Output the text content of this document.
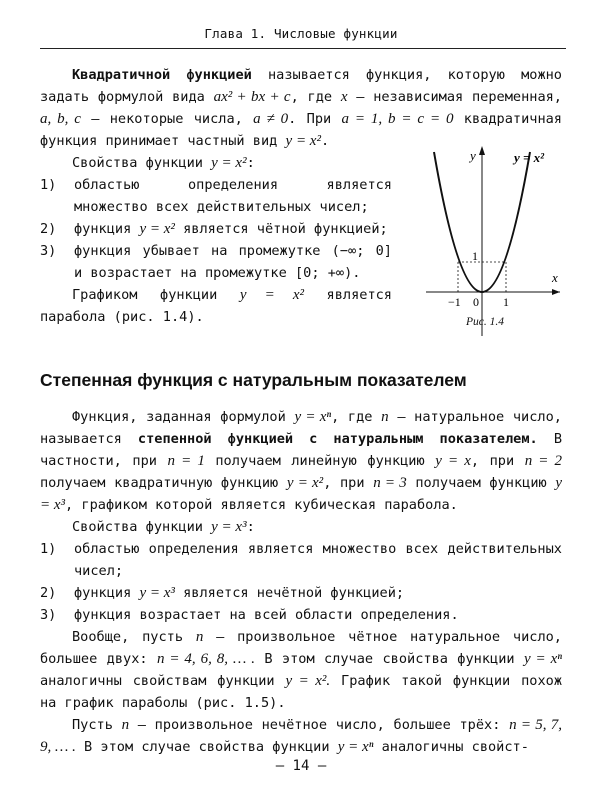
Глава 1. Числовые функции

Квадратичной функцией называется функция, которую можно задать формулой вида ax² + bx + c, где x — независимая переменная, a, b, c — некоторые числа, a ≠ 0. При a = 1, b = c = 0 квадратичная функция принимает частный вид y = x².

Свойства функции y = x²:

1)	областью определения является множество всех действительных чисел;
2)	функция y = x² является чётной функцией;
3)	функция убывает на промежутке (−∞; 0] и возрастает на промежутке [0; +∞).

Графиком функции y = x² является парабола (рис. 1.4).

y
x
y = x²
1
−1 0 1
Рис. 1.4
Степенная функция с натуральным показателем

Функция, заданная формулой y = xⁿ, где n — натуральное число, называется степенной функцией с натуральным показателем. В частности, при n = 1 получаем линейную функцию y = x, при n = 2 получаем квадратичную функцию y = x², при n = 3 получаем функцию y = x³, графиком которой является кубическая парабола.

Свойства функции y = x³:

1)	областью определения является множество всех действительных чисел;
2)	функция y = x³ является нечётной функцией;
3)	функция возрастает на всей области определения.

Вообще, пусть n — произвольное чётное натуральное число, большее двух: n = 4, 6, 8, … . В этом случае свойства функции y = xⁿ аналогичны свойствам функции y = x². График такой функции похож на график параболы (рис. 1.5).

Пусть n — произвольное нечётное число, большее трёх: n = 5, 7, 9, … . В этом случае свойства функции y = xⁿ аналогичны свойст-

— 14 —
